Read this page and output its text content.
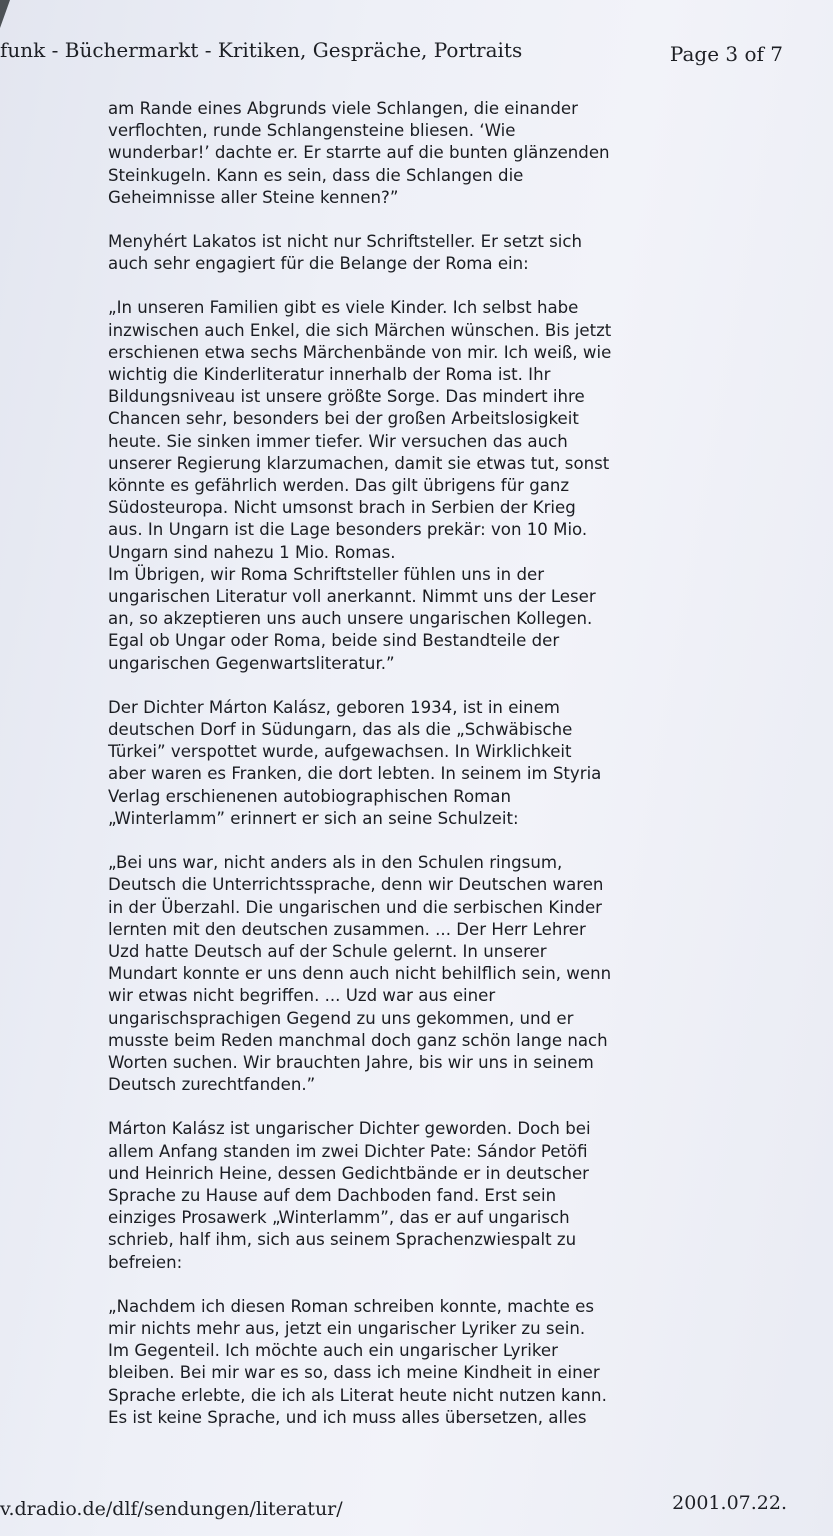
funk - Büchermarkt - Kritiken, Gespräche, Portraits	Page 3 of 7
am Rande eines Abgrunds viele Schlangen, die einander
verflochten, runde Schlangensteine bliesen. ‘Wie
wunderbar!’ dachte er. Er starrte auf die bunten glänzenden
Steinkugeln. Kann es sein, dass die Schlangen die
Geheimnisse aller Steine kennen?”
Menyhért Lakatos ist nicht nur Schriftsteller. Er setzt sich
auch sehr engagiert für die Belange der Roma ein:
„In unseren Familien gibt es viele Kinder. Ich selbst habe
inzwischen auch Enkel, die sich Märchen wünschen. Bis jetzt
erschienen etwa sechs Märchenbände von mir. Ich weiß, wie
wichtig die Kinderliteratur innerhalb der Roma ist. Ihr
Bildungsniveau ist unsere größte Sorge. Das mindert ihre
Chancen sehr, besonders bei der großen Arbeitslosigkeit
heute. Sie sinken immer tiefer. Wir versuchen das auch
unserer Regierung klarzumachen, damit sie etwas tut, sonst
könnte es gefährlich werden. Das gilt übrigens für ganz
Südosteuropa. Nicht umsonst brach in Serbien der Krieg
aus. In Ungarn ist die Lage besonders prekär: von 10 Mio.
Ungarn sind nahezu 1 Mio. Romas.
Im Übrigen, wir Roma Schriftsteller fühlen uns in der
ungarischen Literatur voll anerkannt. Nimmt uns der Leser
an, so akzeptieren uns auch unsere ungarischen Kollegen.
Egal ob Ungar oder Roma, beide sind Bestandteile der
ungarischen Gegenwartsliteratur.”
Der Dichter Márton Kalász, geboren 1934, ist in einem
deutschen Dorf in Südungarn, das als die „Schwäbische
Türkei” verspottet wurde, aufgewachsen. In Wirklichkeit
aber waren es Franken, die dort lebten. In seinem im Styria
Verlag erschienenen autobiographischen Roman
„Winterlamm” erinnert er sich an seine Schulzeit:
„Bei uns war, nicht anders als in den Schulen ringsum,
Deutsch die Unterrichtssprache, denn wir Deutschen waren
in der Überzahl. Die ungarischen und die serbischen Kinder
lernten mit den deutschen zusammen. ... Der Herr Lehrer
Uzd hatte Deutsch auf der Schule gelernt. In unserer
Mundart konnte er uns denn auch nicht behilflich sein, wenn
wir etwas nicht begriffen. ... Uzd war aus einer
ungarischsprachigen Gegend zu uns gekommen, und er
musste beim Reden manchmal doch ganz schön lange nach
Worten suchen. Wir brauchten Jahre, bis wir uns in seinem
Deutsch zurechtfanden.”
Márton Kalász ist ungarischer Dichter geworden. Doch bei
allem Anfang standen im zwei Dichter Pate: Sándor Petöfi
und Heinrich Heine, dessen Gedichtbände er in deutscher
Sprache zu Hause auf dem Dachboden fand. Erst sein
einziges Prosawerk „Winterlamm”, das er auf ungarisch
schrieb, half ihm, sich aus seinem Sprachenzwiespalt zu
befreien:
„Nachdem ich diesen Roman schreiben konnte, machte es
mir nichts mehr aus, jetzt ein ungarischer Lyriker zu sein.
Im Gegenteil. Ich möchte auch ein ungarischer Lyriker
bleiben. Bei mir war es so, dass ich meine Kindheit in einer
Sprache erlebte, die ich als Literat heute nicht nutzen kann.
Es ist keine Sprache, und ich muss alles übersetzen, alles
v.dradio.de/dlf/sendungen/literatur/	2001.07.22.
